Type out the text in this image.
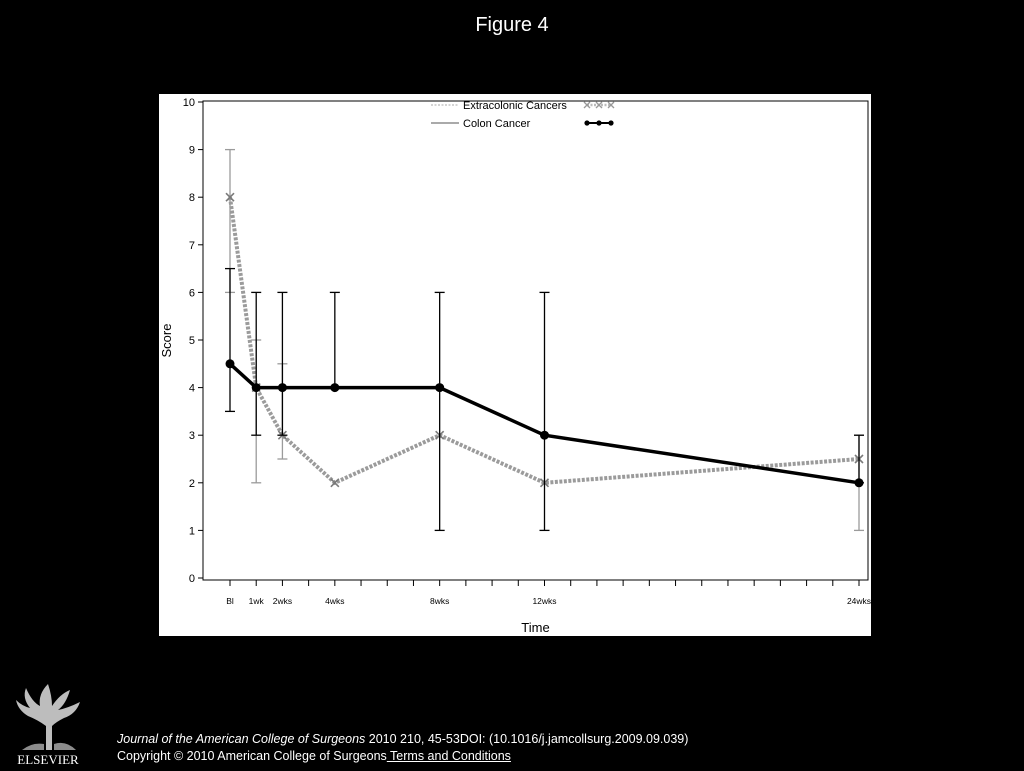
Figure 4
0
1
2
3
4
5
6
7
8
9
10
Score
Bl 1wk 2wks	4wks	8wks	12wks	24wks
Time
Extracolonic Cancers
Colon Cancer
ELSEVIER
Journal of the American College of Surgeons 2010 210, 45-53DOI: (10.1016/j.jamcollsurg.2009.09.039)
Copyright © 2010 American College of Surgeons Terms and Conditions
